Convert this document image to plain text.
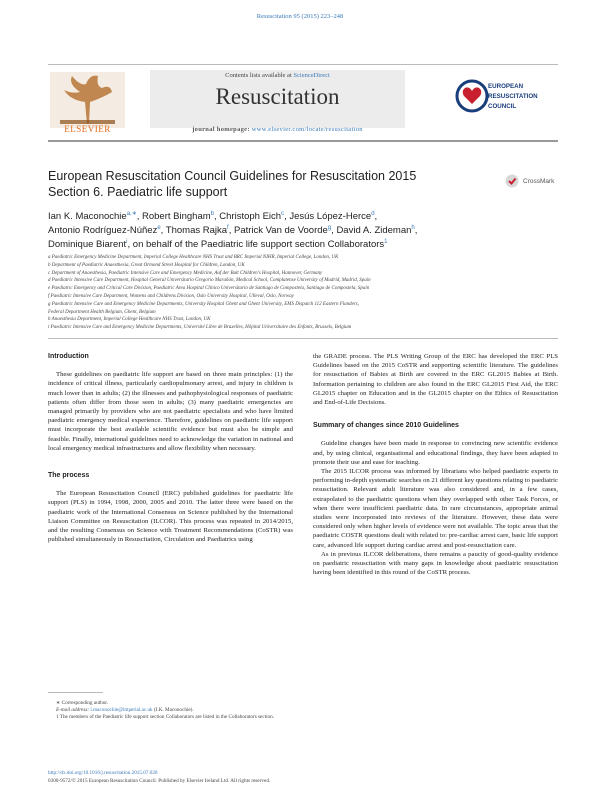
Resuscitation 95 (2015) 223–248
Contents lists available at ScienceDirect
Resuscitation
journal homepage: www.elsevier.com/locate/resuscitation
ELSEVIER
EUROPEAN
RESUSCITATION
COUNCIL
European Resuscitation Council Guidelines for Resuscitation 2015
Section 6. Paediatric life support
CrossMark
Ian K. Maconochie$^{a,∗}$, Robert Bingham$^b$, Christoph Eich$^c$, Jesús López-Herce$^d$,
Antonio Rodríguez-Núñez$^e$, Thomas Rajka$^f$, Patrick Van de Voorde$^g$, David A. Zideman$^h$,
Dominique Biarent$^i$, on behalf of the Paediatric life support section Collaborators$^1$
a Paediatric Emergency Medicine Department, Imperial College Healthcare NHS Trust and BRC Imperial NIHR, Imperial College, London, UK
b Department of Paediatric Anaesthesia, Great Ormond Street Hospital for Children, London, UK
c Department of Anaesthesia, Paediatric Intensive Care and Emergency Medicine, Auf der Bult Children's Hospital, Hannover, Germany
d Paediatric Intensive Care Department, Hospital General Universitario Gregorio Marañón, Medical School, Complutense University of Madrid, Madrid, Spain
e Paediatric Emergency and Critical Care Division, Paediatric Area Hospital Clínico Universitario de Santiago de Compostela, Santiago de Compostela, Spain
f Paediatric Intensive Care Department, Womens and Childrens Division, Oslo University Hospital, Ulleval, Oslo, Norway
g Paediatric Intensive Care and Emergency Medicine Departments, University Hospital Ghent and Ghent University, EMS Dispatch 112 Eastern Flanders,
Federal Department Health Belgium, Ghent, Belgium
h Anaesthesia Department, Imperial College Healthcare NHS Trust, London, UK
i Paediatric Intensive Care and Emergency Medicine Departments, Université Libre de Bruxelles, Hôpital Universitaire des Enfants, Brussels, Belgium
Introduction

These guidelines on paediatric life support are based on three main principles: (1) the incidence of critical illness, particularly cardiopulmonary arrest, and injury in children is much lower than in adults; (2) the illnesses and pathophysiological responses of paediatric patients often differ from those seen in adults; (3) many paediatric emergencies are managed primarily by providers who are not paediatric specialists and who have limited paediatric emergency medical experience. Therefore, guidelines on paediatric life support must incorporate the best available scientific evidence but must also be simple and feasible. Finally, international guidelines need to acknowledge the variation in national and local emergency medical infrastructures and allow flexibility when necessary.

The process

The European Resuscitation Council (ERC) published guidelines for paediatric life support (PLS) in 1994, 1998, 2000, 2005 and 2010. The latter three were based on the paediatric work of the International Consensus on Science published by the International Liaison Committee on Resuscitation (ILCOR). This process was repeated in 2014/2015, and the resulting Consensus on Science with Treatment Recommendations (CoSTR) was published simultaneously in Resuscitation, Circulation and Paediatrics using

∗ Corresponding author.
E-mail address: i.maconochie@imperial.ac.uk (I.K. Maconochie).
1 The members of the Paediatric life support section Collaborators are listed in the Collaborators section.

the GRADE process. The PLS Writing Group of the ERC has developed the ERC PLS Guidelines based on the 2015 CoSTR and supporting scientific literature. The guidelines for resuscitation of Babies at Birth are covered in the ERC GL2015 Babies at Birth. Information pertaining to children are also found in the ERC GL2015 First Aid, the ERC GL2015 chapter on Education and in the GL2015 chapter on the Ethics of Resuscitation and End-of-Life Decisions.

Summary of changes since 2010 Guidelines

Guideline changes have been made in response to convincing new scientific evidence and, by using clinical, organisational and educational findings, they have been adapted to promote their use and ease for teaching.

The 2015 ILCOR process was informed by librarians who helped paediatric experts in performing in-depth systematic searches on 21 different key questions relating to paediatric resuscitation. Relevant adult literature was also considered and, in a few cases, extrapolated to the paediatric questions when they overlapped with other Task Forces, or when there were insufficient paediatric data. In rare circumstances, appropriate animal studies were incorporated into reviews of the literature. However, these data were considered only when higher levels of evidence were not available. The topic areas that the paediatric COSTR questions dealt with related to: pre-cardiac arrest care, basic life support care, advanced life support during cardiac arrest and post-resuscitation care.

As in previous ILCOR deliberations, there remains a paucity of good-quality evidence on paediatric resuscitation with many gaps in knowledge about paediatric resuscitation having been identified in this round of the CoSTR process.

http://dx.doi.org/10.1016/j.resuscitation.2015.07.028
0300-9572/© 2015 European Resuscitation Council. Published by Elsevier Ireland Ltd. All rights reserved.
